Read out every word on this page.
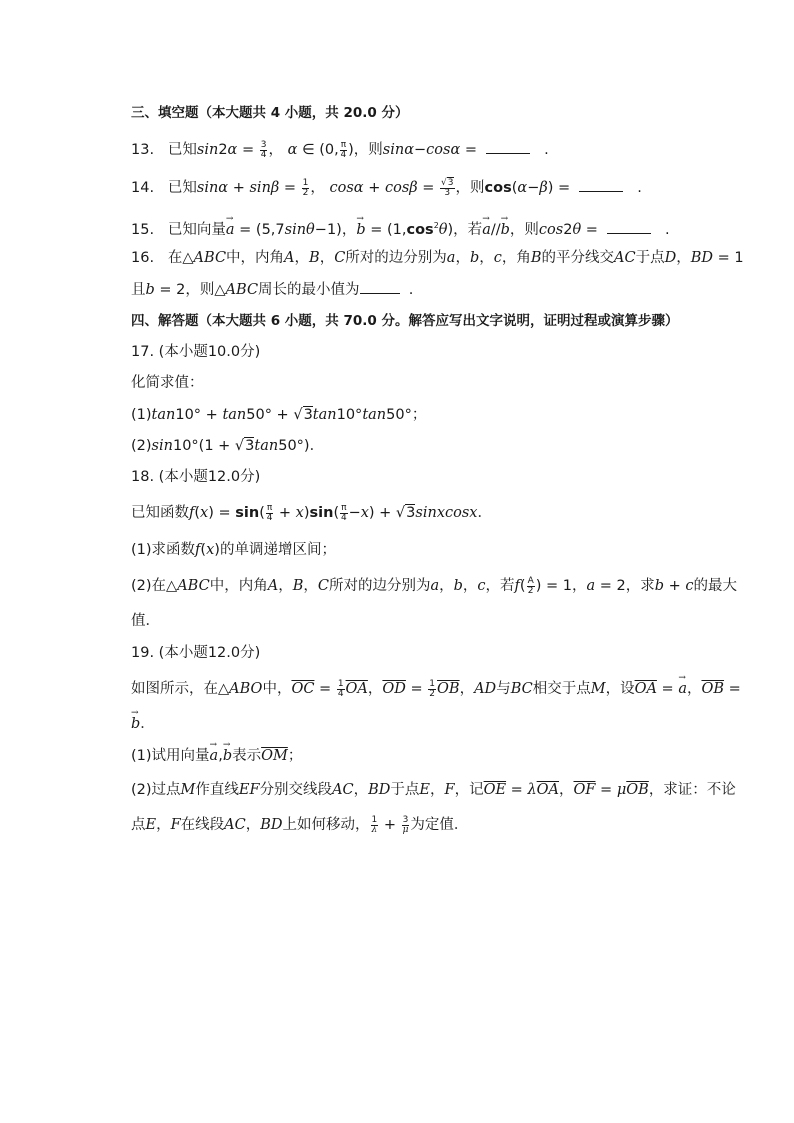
三、填空题（本大题共 4 小题，共 20.0 分）
13.   已知$\sin 2\alpha = \frac{3}{4}$ ， α ∈ (0, $\frac{\pi}{4}$ )，则sinα−cosα =	.
14.   已知$\sin\alpha + \sin\beta = \frac{1}{2}$ ， $\cos\alpha + \cos\beta = \frac{√3}{3}$ ，则cos(α−β) =	.
15.   已知向量→ a = (5,7sinθ−1)，→ $b = (1,\cos^2\theta)$，若→ a//→ b，则cos2θ =	.
16.   在△ABC中，内角A，B，C所对的边分别为a，b，c，角B的平分线交AC于点D，BD = 1
且b = 2，则△ABC周长的最小值为	.
四、解答题（本大题共 6 小题，共 70.0 分。解答应写出文字说明，证明过程或演算步骤）
17. (本小题10.0分)
化简求值：
(1)tan10° + tan50° + √3tan10°tan50°；
(2)sin10°(1 + √3tan50°)．
18. (本小题12.0分)
已知函数$f(x) = \sin( \frac{\pi}{4} + x)\sin( \frac{\pi}{4} -x)$ + √3sinxcosx．
(1)求函数f(x)的单调递增区间；
(2)在△ABC中，内角A，B，C所对的边分别为a，b，c，若$f( \frac{A}{2}$ ) = 1，a = 2，求b + c的最大
值．
19. (本小题12.0分)
如图所示，在△ABO中，$\overline{OC} = \frac{1}{4} \overline{OA}$，$\overline{OD} = \frac{1}{2} \overline{OB}$，AD与BC相交于点M，设$\overline{OA}$ = → a，$\overline{OB}$ =
→ b．
(1)试用向量→ a,→ b表示$\overline{OM}$；
(2)过点M作直线EF分别交线段AC，BD于点E，F，记$\overline{OE} = \lambda\overline{OA}$，$\overline{OF} = \mu\overline{OB}$，求证：不论
点E，F在线段AC，BD上如何移动， $\frac{1}{\lambda} + \frac{3}{\mu}$ 为定值．
